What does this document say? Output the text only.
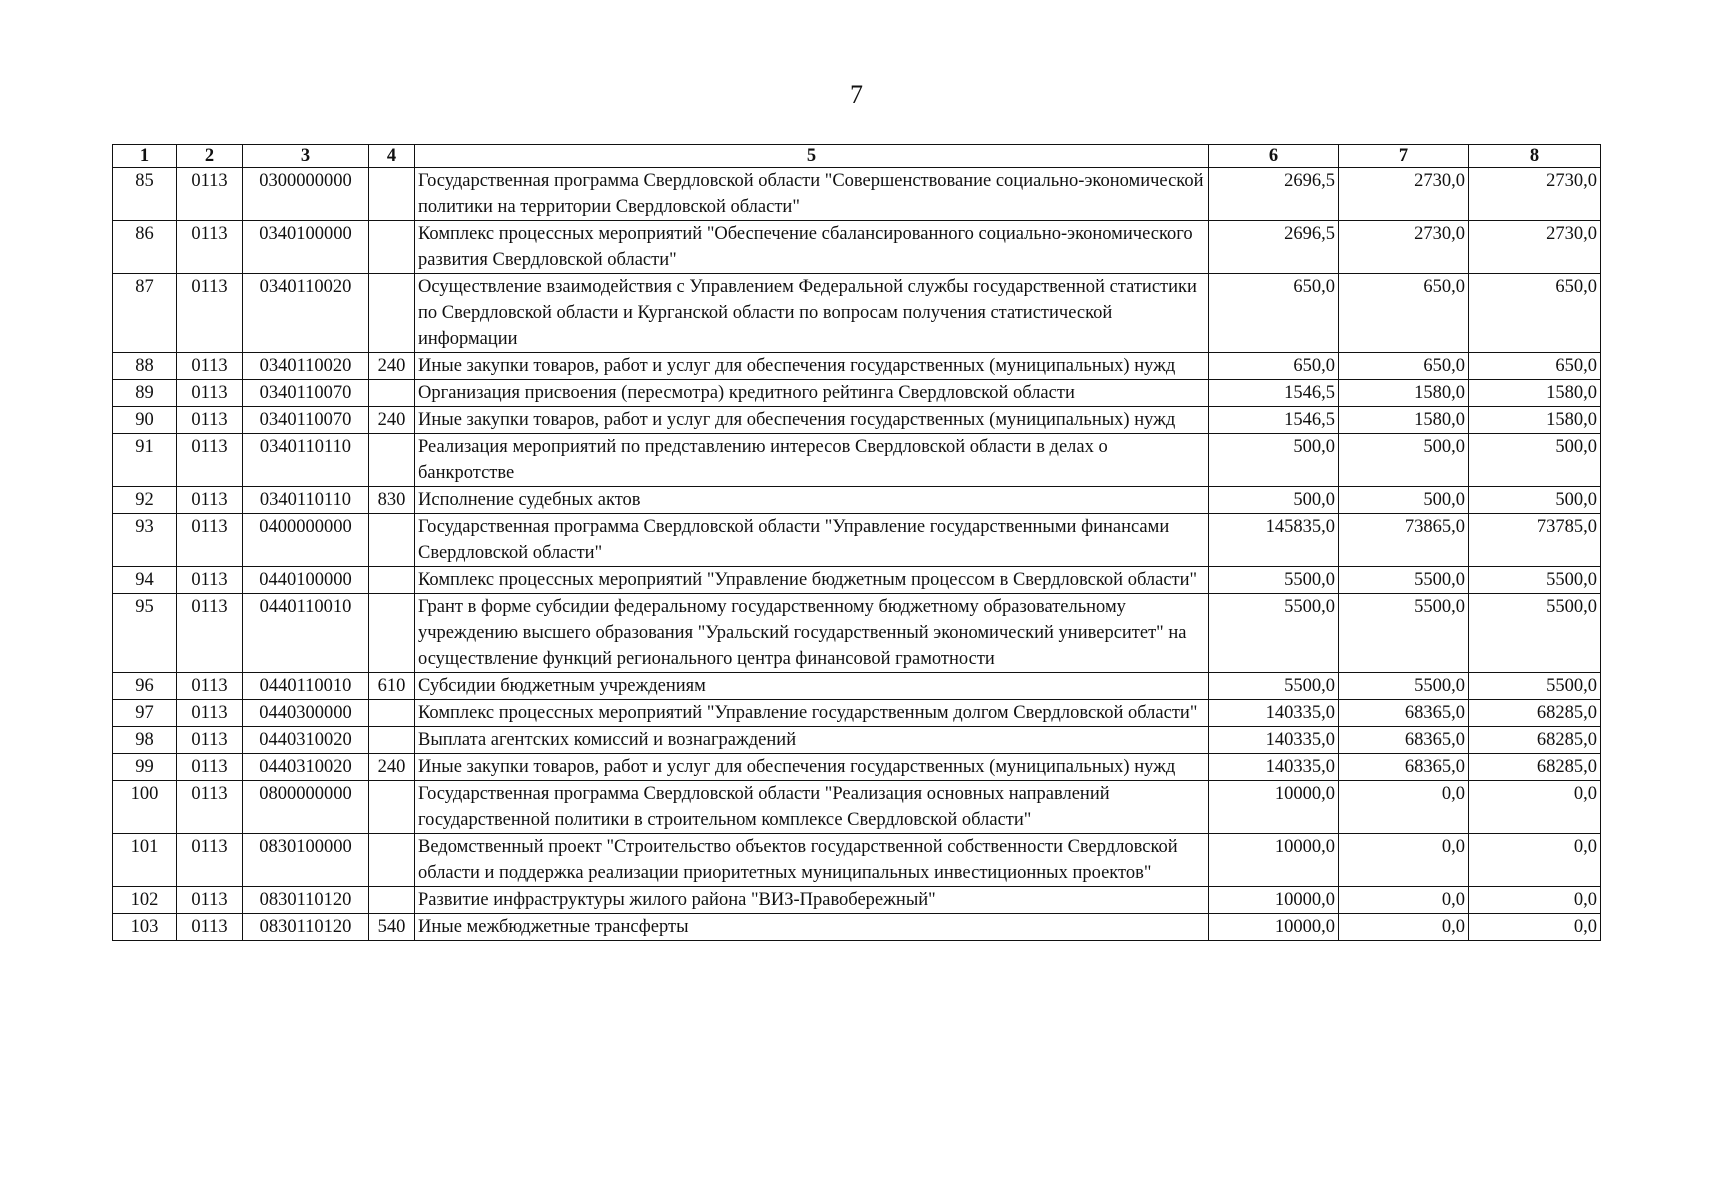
7
1	2	3	4	5	6	7	8
85	0113	0300000000		Государственная программа Свердловской области "Совершенствование социально-экономической политики на территории Свердловской области"	2696,5	2730,0	2730,0
86	0113	0340100000		Комплекс процессных мероприятий "Обеспечение сбалансированного социально-экономического развития Свердловской области"	2696,5	2730,0	2730,0
87	0113	0340110020		Осуществление взаимодействия с Управлением Федеральной службы государственной статистики по Свердловской области и Курганской области по вопросам получения статистической информации	650,0	650,0	650,0
88	0113	0340110020	240	Иные закупки товаров, работ и услуг для обеспечения государственных (муниципальных) нужд	650,0	650,0	650,0
89	0113	0340110070		Организация присвоения (пересмотра) кредитного рейтинга Свердловской области	1546,5	1580,0	1580,0
90	0113	0340110070	240	Иные закупки товаров, работ и услуг для обеспечения государственных (муниципальных) нужд	1546,5	1580,0	1580,0
91	0113	0340110110		Реализация мероприятий по представлению интересов Свердловской области в делах о банкротстве	500,0	500,0	500,0
92	0113	0340110110	830	Исполнение судебных актов	500,0	500,0	500,0
93	0113	0400000000		Государственная программа Свердловской области "Управление государственными финансами Свердловской области"	145835,0	73865,0	73785,0
94	0113	0440100000		Комплекс процессных мероприятий "Управление бюджетным процессом в Свердловской области"	5500,0	5500,0	5500,0
95	0113	0440110010		Грант в форме субсидии федеральному государственному бюджетному образовательному учреждению высшего образования "Уральский государственный экономический университет" на осуществление функций регионального центра финансовой грамотности	5500,0	5500,0	5500,0
96	0113	0440110010	610	Субсидии бюджетным учреждениям	5500,0	5500,0	5500,0
97	0113	0440300000		Комплекс процессных мероприятий "Управление государственным долгом Свердловской области"	140335,0	68365,0	68285,0
98	0113	0440310020		Выплата агентских комиссий и вознаграждений	140335,0	68365,0	68285,0
99	0113	0440310020	240	Иные закупки товаров, работ и услуг для обеспечения государственных (муниципальных) нужд	140335,0	68365,0	68285,0
100	0113	0800000000		Государственная программа Свердловской области "Реализация основных направлений государственной политики в строительном комплексе Свердловской области"	10000,0	0,0	0,0
101	0113	0830100000		Ведомственный проект "Строительство объектов государственной собственности Свердловской области и поддержка реализации приоритетных муниципальных инвестиционных проектов"	10000,0	0,0	0,0
102	0113	0830110120		Развитие инфраструктуры жилого района "ВИЗ-Правобережный"	10000,0	0,0	0,0
103	0113	0830110120	540	Иные межбюджетные трансферты	10000,0	0,0	0,0
